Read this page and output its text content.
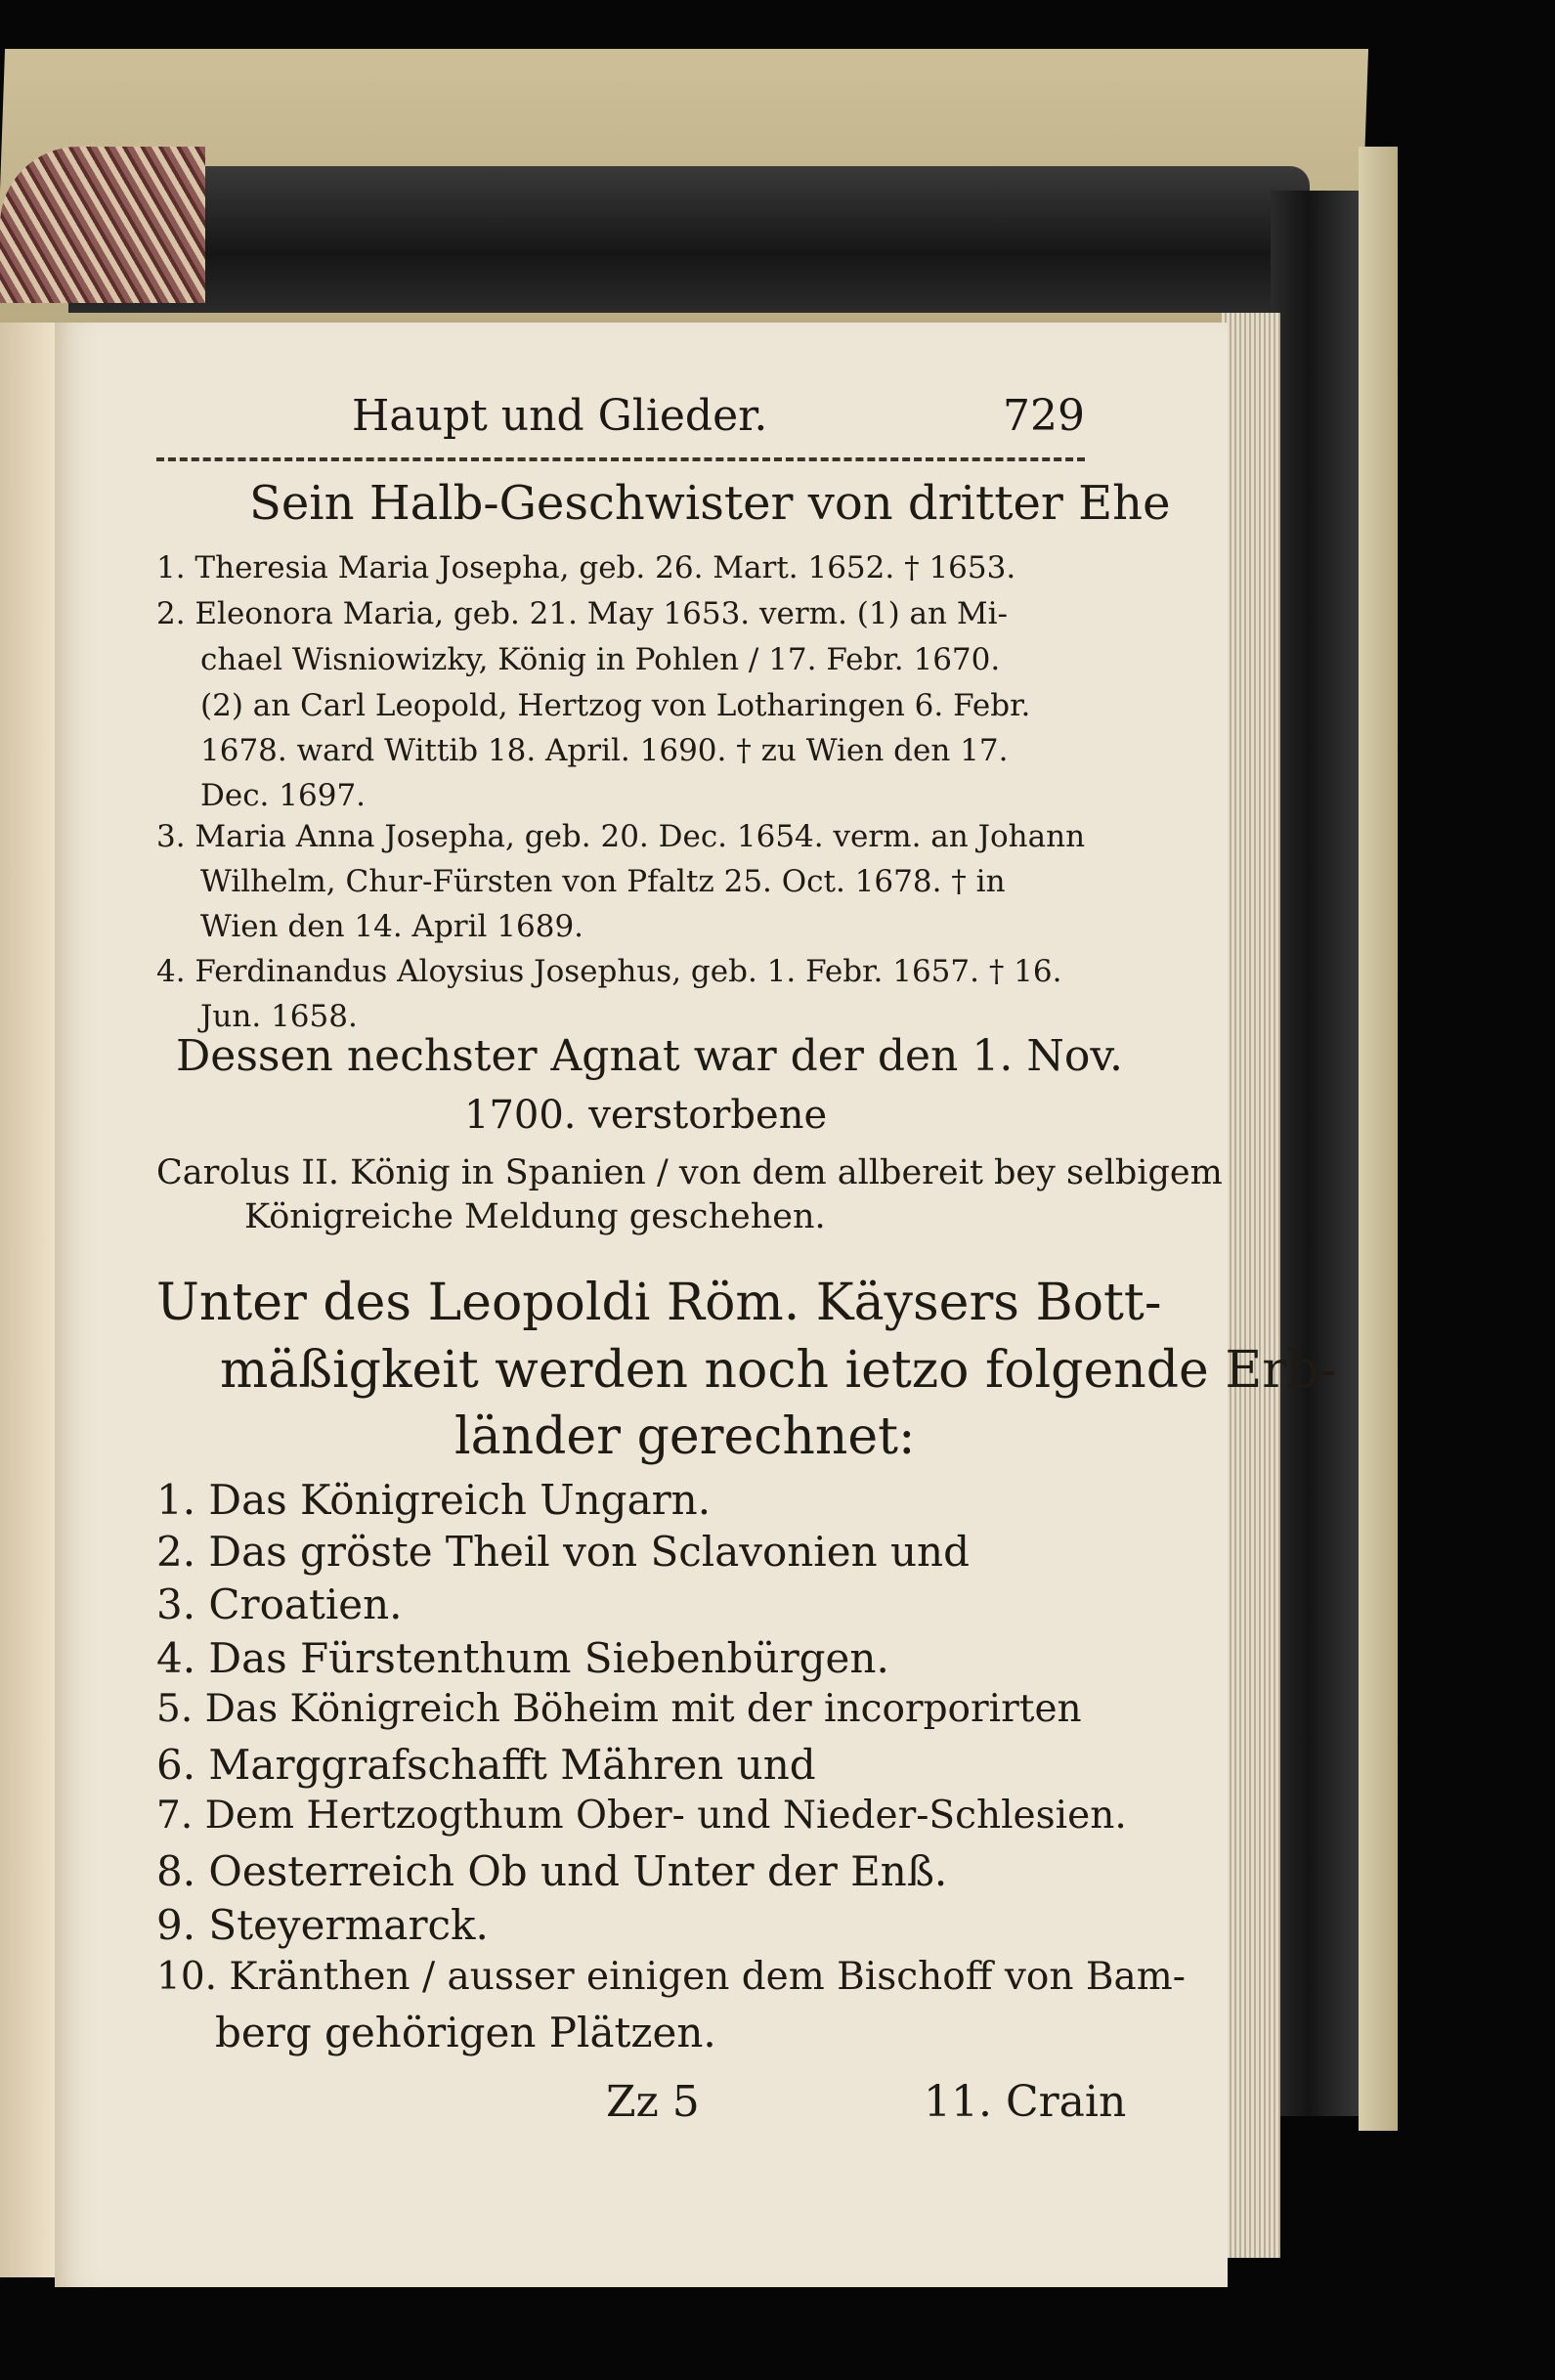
Haupt und Glieder.	729
Sein Halb-Geschwister von dritter Ehe
1. Theresia Maria Josepha, geb. 26. Mart. 1652. † 1653.
2. Eleonora Maria, geb. 21. May 1653. verm. (1) an Mi-
chael Wisniowizky, König in Pohlen / 17. Febr. 1670.
(2) an Carl Leopold, Hertzog von Lotharingen 6. Febr.
1678. ward Wittib 18. April. 1690. † zu Wien den 17.
Dec. 1697.
3. Maria Anna Josepha, geb. 20. Dec. 1654. verm. an Johann
Wilhelm, Chur-Fürsten von Pfaltz 25. Oct. 1678. † in
Wien den 14. April 1689.
4. Ferdinandus Aloysius Josephus, geb. 1. Febr. 1657. † 16.
Jun. 1658.
Dessen nechster Agnat war der den 1. Nov.
1700. verstorbene
Carolus II. König in Spanien / von dem allbereit bey selbigem
Königreiche Meldung geschehen.
Unter des Leopoldi Röm. Käysers Bott-
mäßigkeit werden noch ietzo folgende Erb-
länder gerechnet:
1. Das Königreich Ungarn.
2. Das gröste Theil von Sclavonien und
3. Croatien.
4. Das Fürstenthum Siebenbürgen.
5. Das Königreich Böheim mit der incorporirten
6. Marggrafschafft Mähren und
7. Dem Hertzogthum Ober- und Nieder-Schlesien.
8. Oesterreich Ob und Unter der Enß.
9. Steyermarck.
10. Kränthen / ausser einigen dem Bischoff von Bam-
berg gehörigen Plätzen.
Zz 5	11. Crain
